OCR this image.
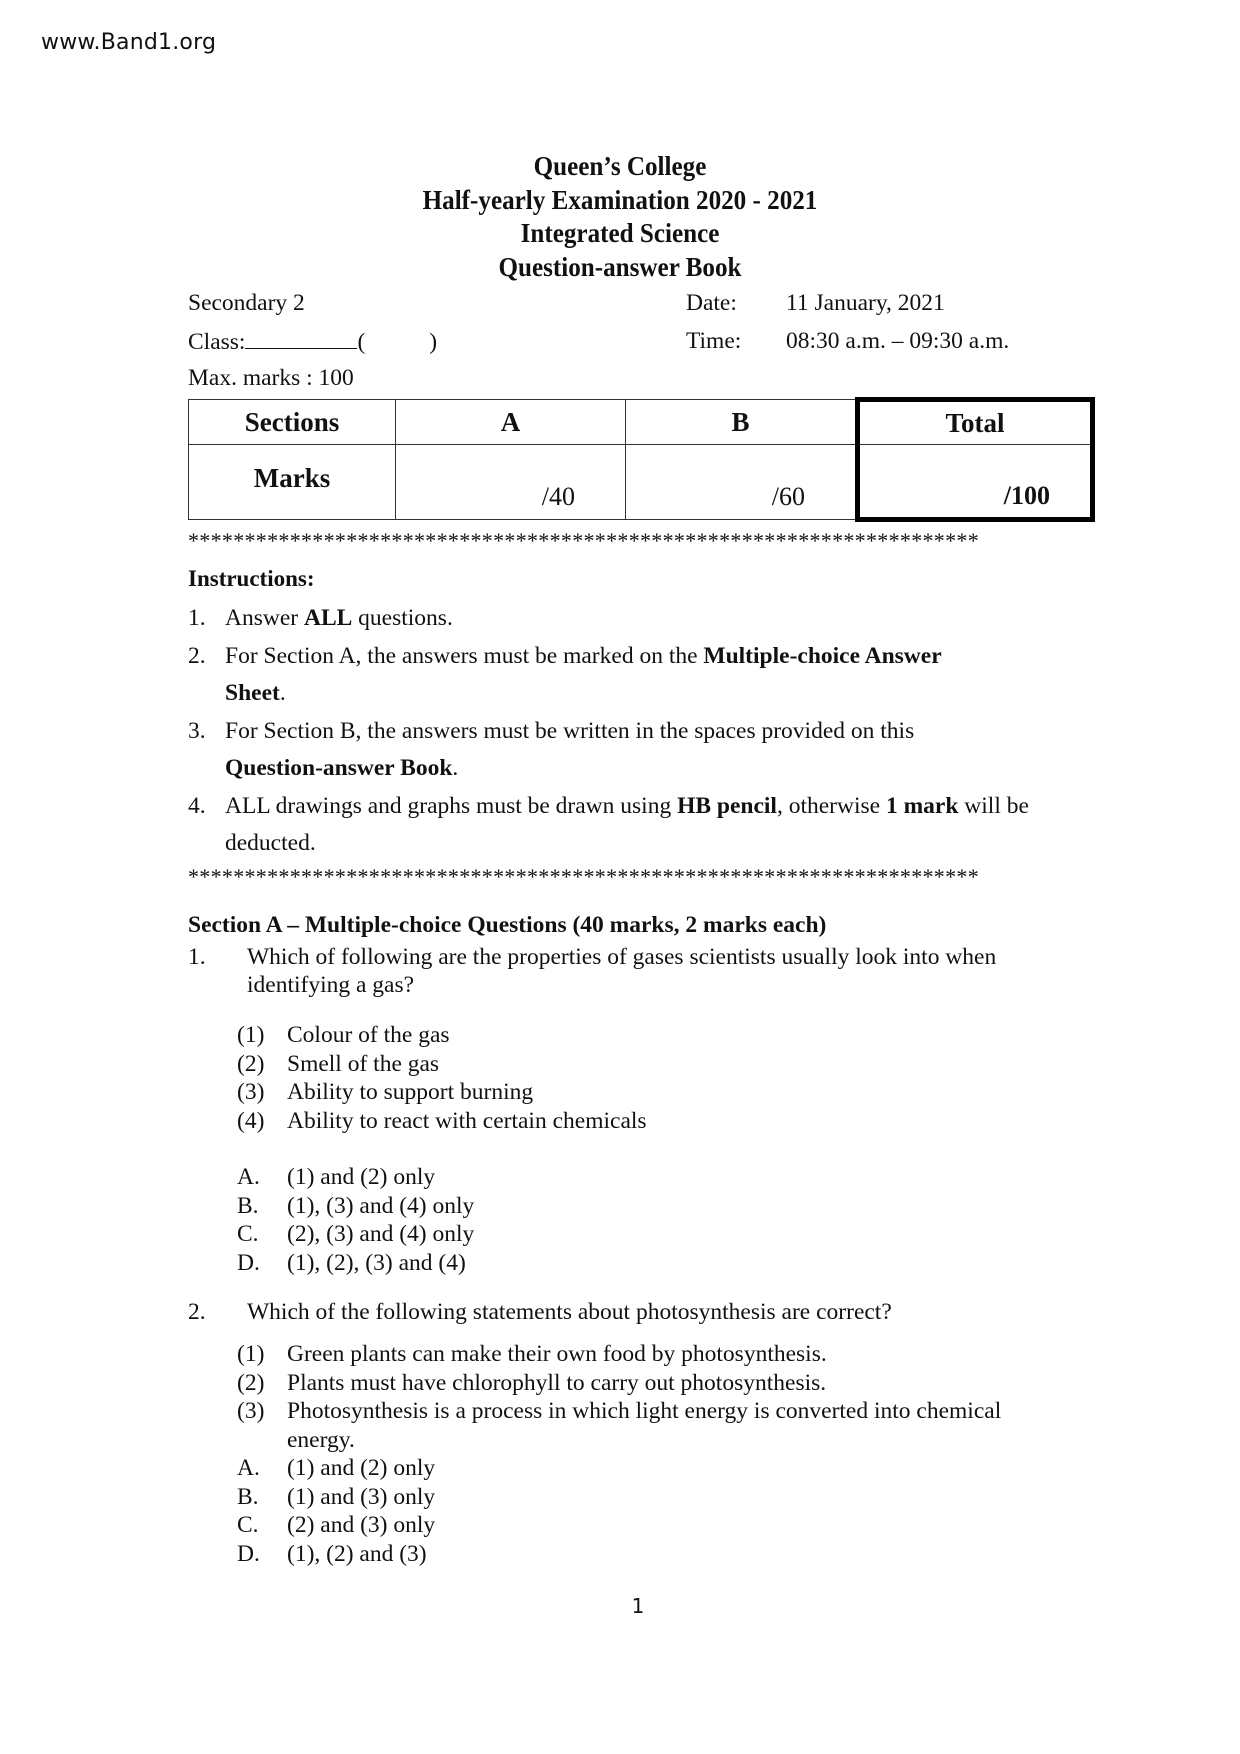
www.Band1.org
Queen’s College
Half-yearly Examination 2020 - 2021
Integrated Science
Question-answer Book
Secondary 2
Class:	(	)
Max. marks : 100
Date: 11 January, 2021
Time: 08:30 a.m. – 09:30 a.m.
Sections	A	B	Total

Marks	/40	/60	/100
**********************************************************************
Instructions:
1. Answer ALL questions.
2. For Section A, the answers must be marked on the Multiple-choice Answer Sheet.
3. For Section B, the answers must be written in the spaces provided on this Question-answer Book.
4. ALL drawings and graphs must be drawn using HB pencil, otherwise 1 mark will be deducted.
**********************************************************************
Section A – Multiple-choice Questions (40 marks, 2 marks each)
1.	Which of following are the properties of gases scientists usually look into when identifying a gas?
(1) Colour of the gas
(2) Smell of the gas
(3) Ability to support burning
(4) Ability to react with certain chemicals
A.	(1) and (2) only
B.	(1), (3) and (4) only
C.	(2), (3) and (4) only
D.	(1), (2), (3) and (4)
2.	Which of the following statements about photosynthesis are correct?
(1) Green plants can make their own food by photosynthesis.
(2) Plants must have chlorophyll to carry out photosynthesis.
(3) Photosynthesis is a process in which light energy is converted into chemical energy.
A.	(1) and (2) only
B.	(1) and (3) only
C.	(2) and (3) only
D.	(1), (2) and (3)
1
